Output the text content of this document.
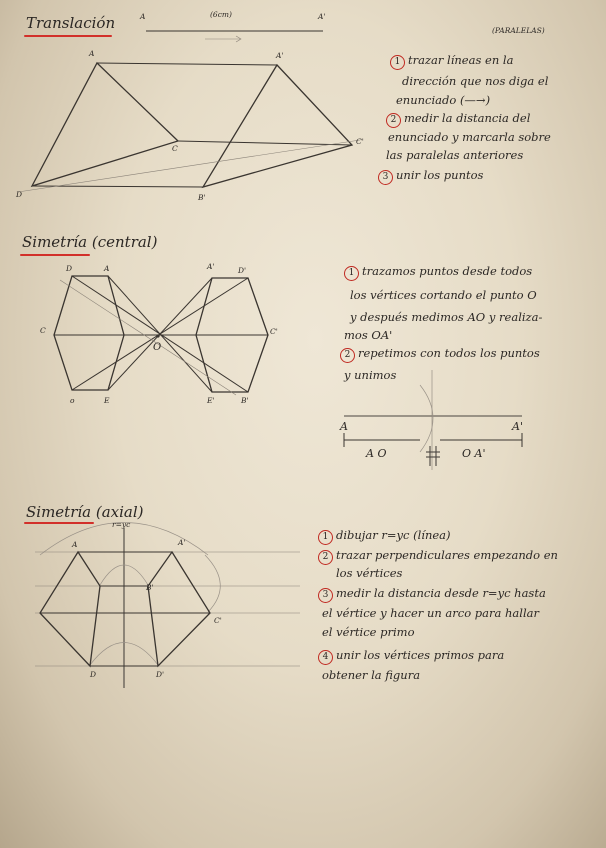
Translación	A	(6cm)	A'
A	A'
C
C'
B'
D
(PARALELAS)
1 trazar líneas en la
dirección que nos diga el
enunciado (—→)
2 medir la distancia del
enunciado y marcarla sobre
las paralelas anteriores
3 unir los puntos
Simetría (central)
D	A
C
O
o	E
A'	D'
C'
E'	B'
1 trazamos puntos desde todos
los vértices cortando el punto O
y después medimos AO y realiza-
mos OA'
2 repetimos con todos los puntos
y unimos
A	A'
A O	O A'
Simetría (axial)
r=yc
A	A'
B'
C'
D	D'
1 dibujar r=yc (línea)
2 trazar perpendiculares empezando en
los vértices
3 medir la distancia desde r=yc hasta
el vértice y hacer un arco para hallar
el vértice primo
4 unir los vértices primos para
obtener la figura
